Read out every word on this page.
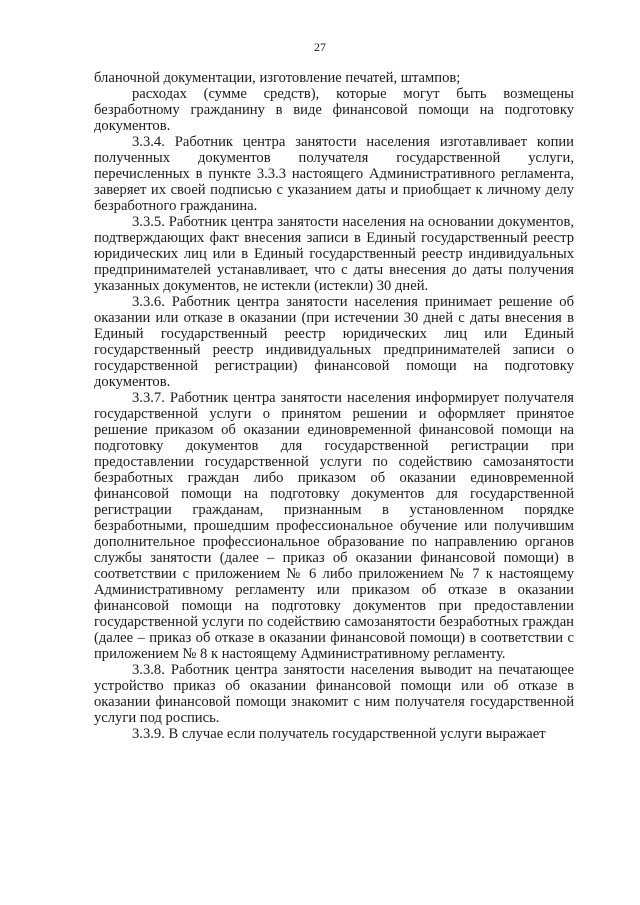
27

бланочной документации, изготовление печатей, штампов;

расходах (сумме средств), которые могут быть возмещены безработному гражданину в виде финансовой помощи на подготовку документов.

3.3.4. Работник центра занятости населения изготавливает копии полученных документов получателя государственной услуги, перечисленных в пункте 3.3.3 настоящего Административного регламента, заверяет их своей подписью с указанием даты и приобщает к личному делу безработного гражданина.

3.3.5. Работник центра занятости населения на основании документов, подтверждающих факт внесения записи в Единый государственный реестр юридических лиц или в Единый государственный реестр индивидуальных предпринимателей устанавливает, что с даты внесения до даты получения указанных документов, не истекли (истекли) 30 дней.

3.3.6. Работник центра занятости населения принимает решение об оказании или отказе в оказании (при истечении 30 дней с даты внесения в Единый государственный реестр юридических лиц или Единый государственный реестр индивидуальных предпринимателей записи о государственной регистрации) финансовой помощи на подготовку документов.

3.3.7. Работник центра занятости населения информирует получателя государственной услуги о принятом решении и оформляет принятое решение приказом об оказании единовременной финансовой помощи на подготовку документов для государственной регистрации при предоставлении государственной услуги по содействию самозанятости безработных граждан либо приказом об оказании единовременной финансовой помощи на подготовку документов для государственной регистрации гражданам, признанным в установленном порядке безработными, прошедшим профессиональное обучение или получившим дополнительное профессиональное образование по направлению органов службы занятости (далее – приказ об оказании финансовой помощи) в соответствии с приложением № 6 либо приложением № 7 к настоящему Административному регламенту или приказом об отказе в оказании финансовой помощи на подготовку документов при предоставлении государственной услуги по содействию самозанятости безработных граждан (далее – приказ об отказе в оказании финансовой помощи) в соответствии с приложением № 8 к настоящему Административному регламенту.

3.3.8. Работник центра занятости населения выводит на печатающее устройство приказ об оказании финансовой помощи или об отказе в оказании финансовой помощи знакомит с ним получателя государственной услуги под роспись.

3.3.9. В случае если получатель государственной услуги выражает
